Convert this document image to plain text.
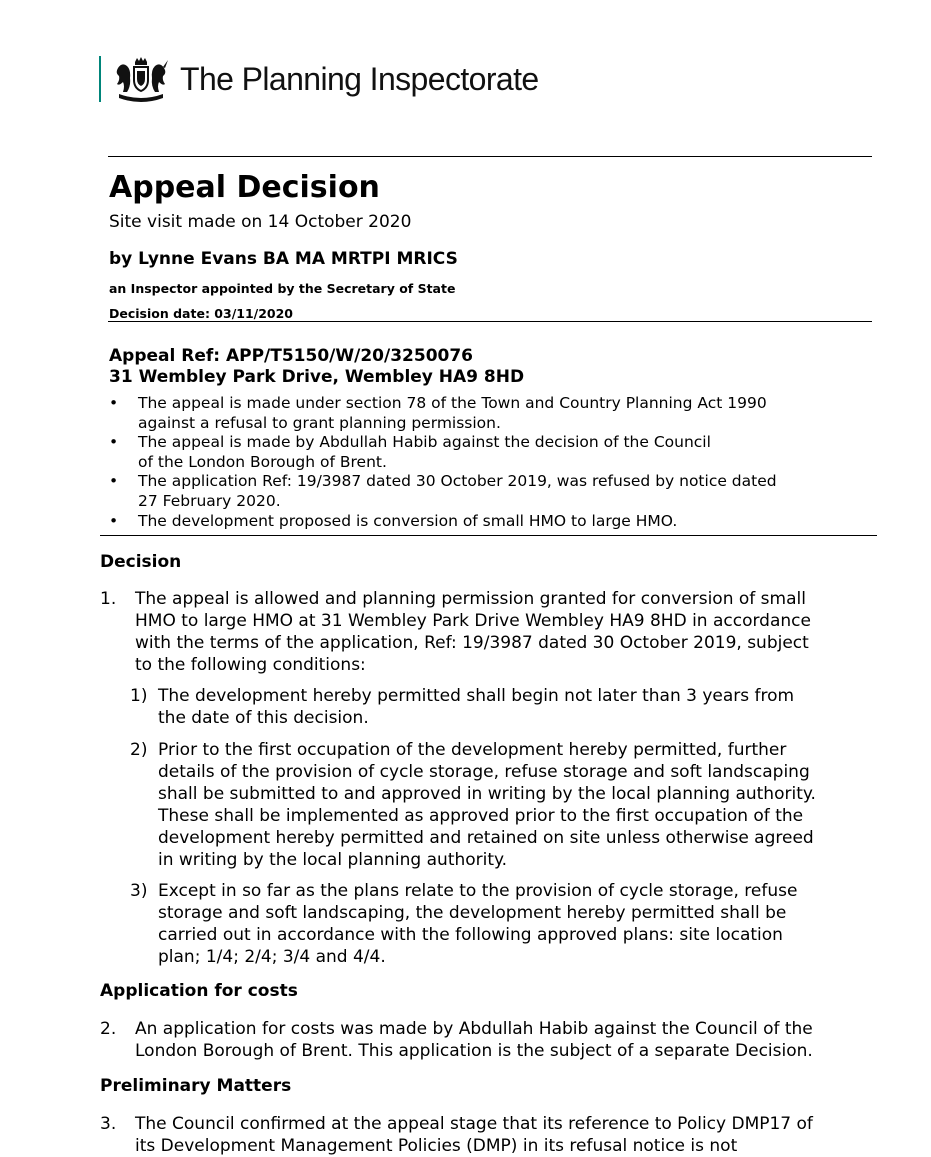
The Planning Inspectorate
Appeal Decision
Site visit made on 14 October 2020
by Lynne Evans BA MA MRTPI MRICS
an Inspector appointed by the Secretary of State
Decision date: 03/11/2020
Appeal Ref: APP/T5150/W/20/3250076
31 Wembley Park Drive, Wembley HA9 8HD
• The appeal is made under section 78 of the Town and Country Planning Act 1990
against a refusal to grant planning permission.
• The appeal is made by Abdullah Habib against the decision of the Council
of the London Borough of Brent.
• The application Ref: 19/3987 dated 30 October 2019, was refused by notice dated
27 February 2020.
• The development proposed is conversion of small HMO to large HMO.
Decision
1. The appeal is allowed and planning permission granted for conversion of small
HMO to large HMO at 31 Wembley Park Drive Wembley HA9 8HD in accordance
with the terms of the application, Ref: 19/3987 dated 30 October 2019, subject
to the following conditions:
1) The development hereby permitted shall begin not later than 3 years from
the date of this decision.
2) Prior to the first occupation of the development hereby permitted, further
details of the provision of cycle storage, refuse storage and soft landscaping
shall be submitted to and approved in writing by the local planning authority.
These shall be implemented as approved prior to the first occupation of the
development hereby permitted and retained on site unless otherwise agreed
in writing by the local planning authority.
3) Except in so far as the plans relate to the provision of cycle storage, refuse
storage and soft landscaping, the development hereby permitted shall be
carried out in accordance with the following approved plans: site location
plan; 1/4; 2/4; 3/4 and 4/4.
Application for costs
2. An application for costs was made by Abdullah Habib against the Council of the
London Borough of Brent. This application is the subject of a separate Decision.
Preliminary Matters
3. The Council confirmed at the appeal stage that its reference to Policy DMP17 of
its Development Management Policies (DMP) in its refusal notice is not
